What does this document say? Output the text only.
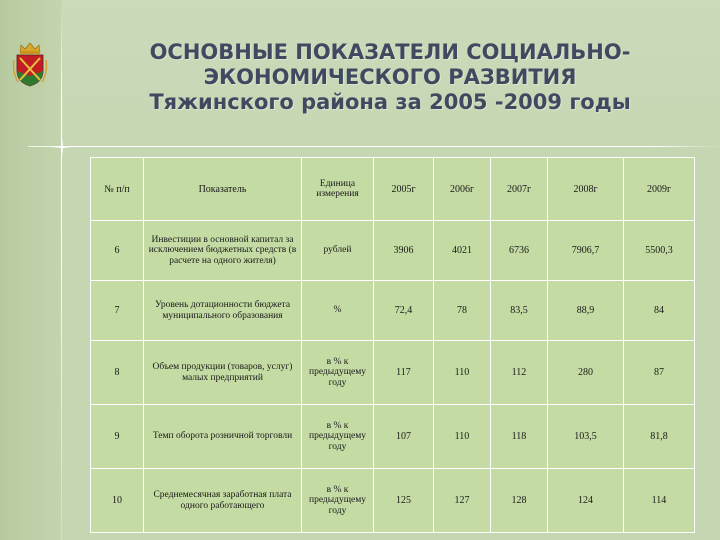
ОСНОВНЫЕ ПОКАЗАТЕЛИ СОЦИАЛЬНО-
ЭКОНОМИЧЕСКОГО РАЗВИТИЯ
Тяжинского района за 2005 -2009 годы
№ п/п	Показатель	Единица измерения	2005г	2006г	2007г	2008г	2009г
6	Инвестиции в основной капитал за исключением бюджетных средств (в расчете на одного жителя)	рублей	3906	4021	6736	7906,7	5500,3
7	Уровень дотационности бюджета муниципального образования	%	72,4	78	83,5	88,9	84
8	Объем продукции (товаров, услуг) малых предприятий	в % к предыдущему году	117	110	112	280	87
9	Темп оборота розничной торговли	в % к предыдущему году	107	110	118	103,5	81,8
10	Среднемесячная заработная плата одного работающего	в % к предыдущему году	125	127	128	124	114
